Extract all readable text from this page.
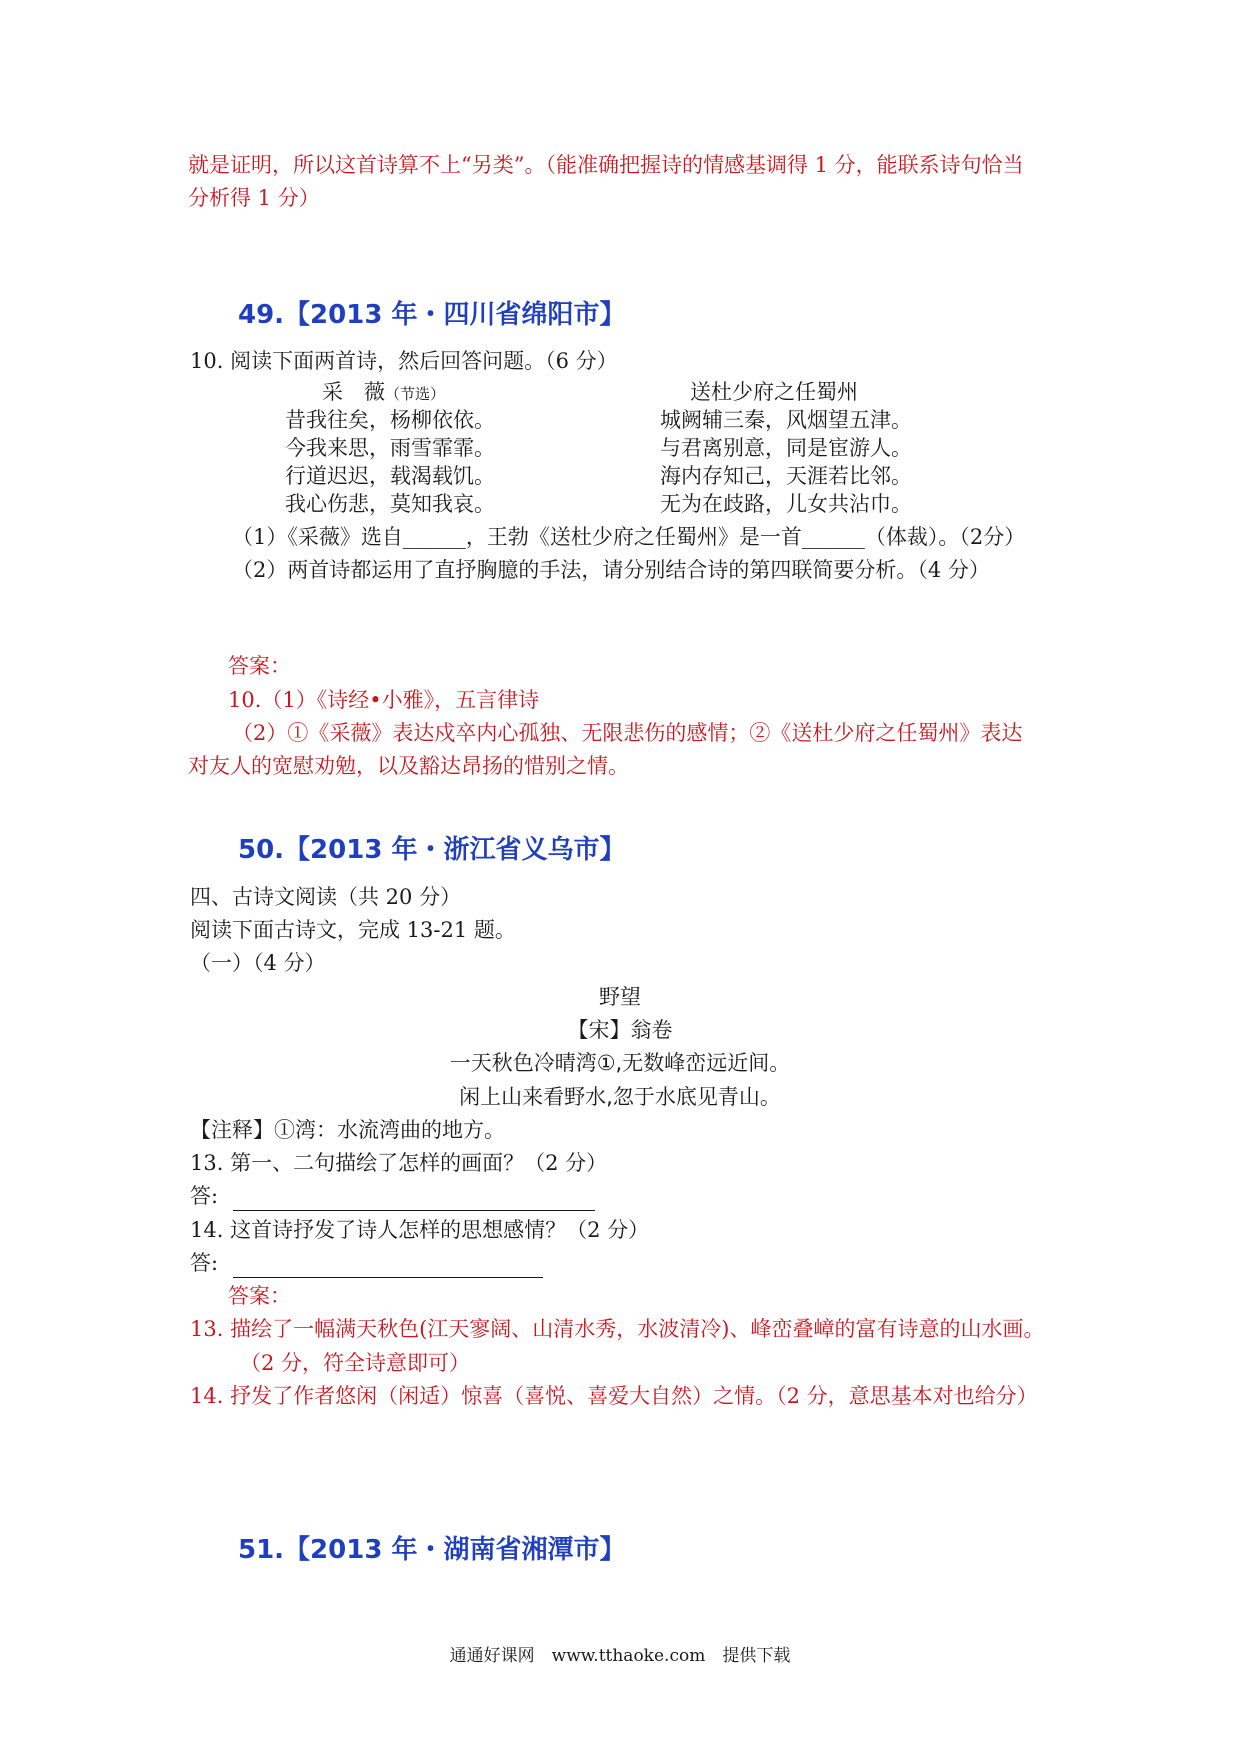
就是证明，所以这首诗算不上“另类”。（能准确把握诗的情感基调得 1 分，能联系诗句恰当
分析得 1 分）
49.【2013 年・四川省绵阳市】
10. 阅读下面两首诗，然后回答问题。（6 分）
采　薇（节选）
昔我往矣，杨柳依依。
今我来思，雨雪霏霏。
行道迟迟，载渴载饥。
我心伤悲，莫知我哀。
送杜少府之任蜀州
城阙辅三秦，风烟望五津。
与君离别意，同是宦游人。
海内存知己，天涯若比邻。
无为在歧路，儿女共沾巾。
（1）《采薇》选自______，王勃《送杜少府之任蜀州》是一首______（体裁）。（2分）
（2）两首诗都运用了直抒胸臆的手法，请分别结合诗的第四联简要分析。（4 分）
答案：
10.（1）《诗经•小雅》，五言律诗
（2）①《采薇》表达戍卒内心孤独、无限悲伤的感情；②《送杜少府之任蜀州》表达
对友人的宽慰劝勉，以及豁达昂扬的惜别之情。
50.【2013 年・浙江省义乌市】
四、古诗文阅读（共 20 分）
阅读下面古诗文，完成 13-21 题。
（一）（4 分）
野望
【宋】翁卷
一天秋色冷晴湾①,无数峰峦远近间。
闲上山来看野水,忽于水底见青山。
【注释】①湾：水流湾曲的地方。
13. 第一、二句描绘了怎样的画面？（2 分）
答:
14. 这首诗抒发了诗人怎样的思想感情？（2 分）
答:
答案：
13. 描绘了一幅满天秋色(江天寥阔、山清水秀，水波清冷)、峰峦叠嶂的富有诗意的山水画。
（2 分，符全诗意即可）
14. 抒发了作者悠闲（闲适）惊喜（喜悦、喜爱大自然）之情。（2 分，意思基本对也给分）
51.【2013 年・湖南省湘潭市】
通通好课网　www.tthaoke.com　提供下载
